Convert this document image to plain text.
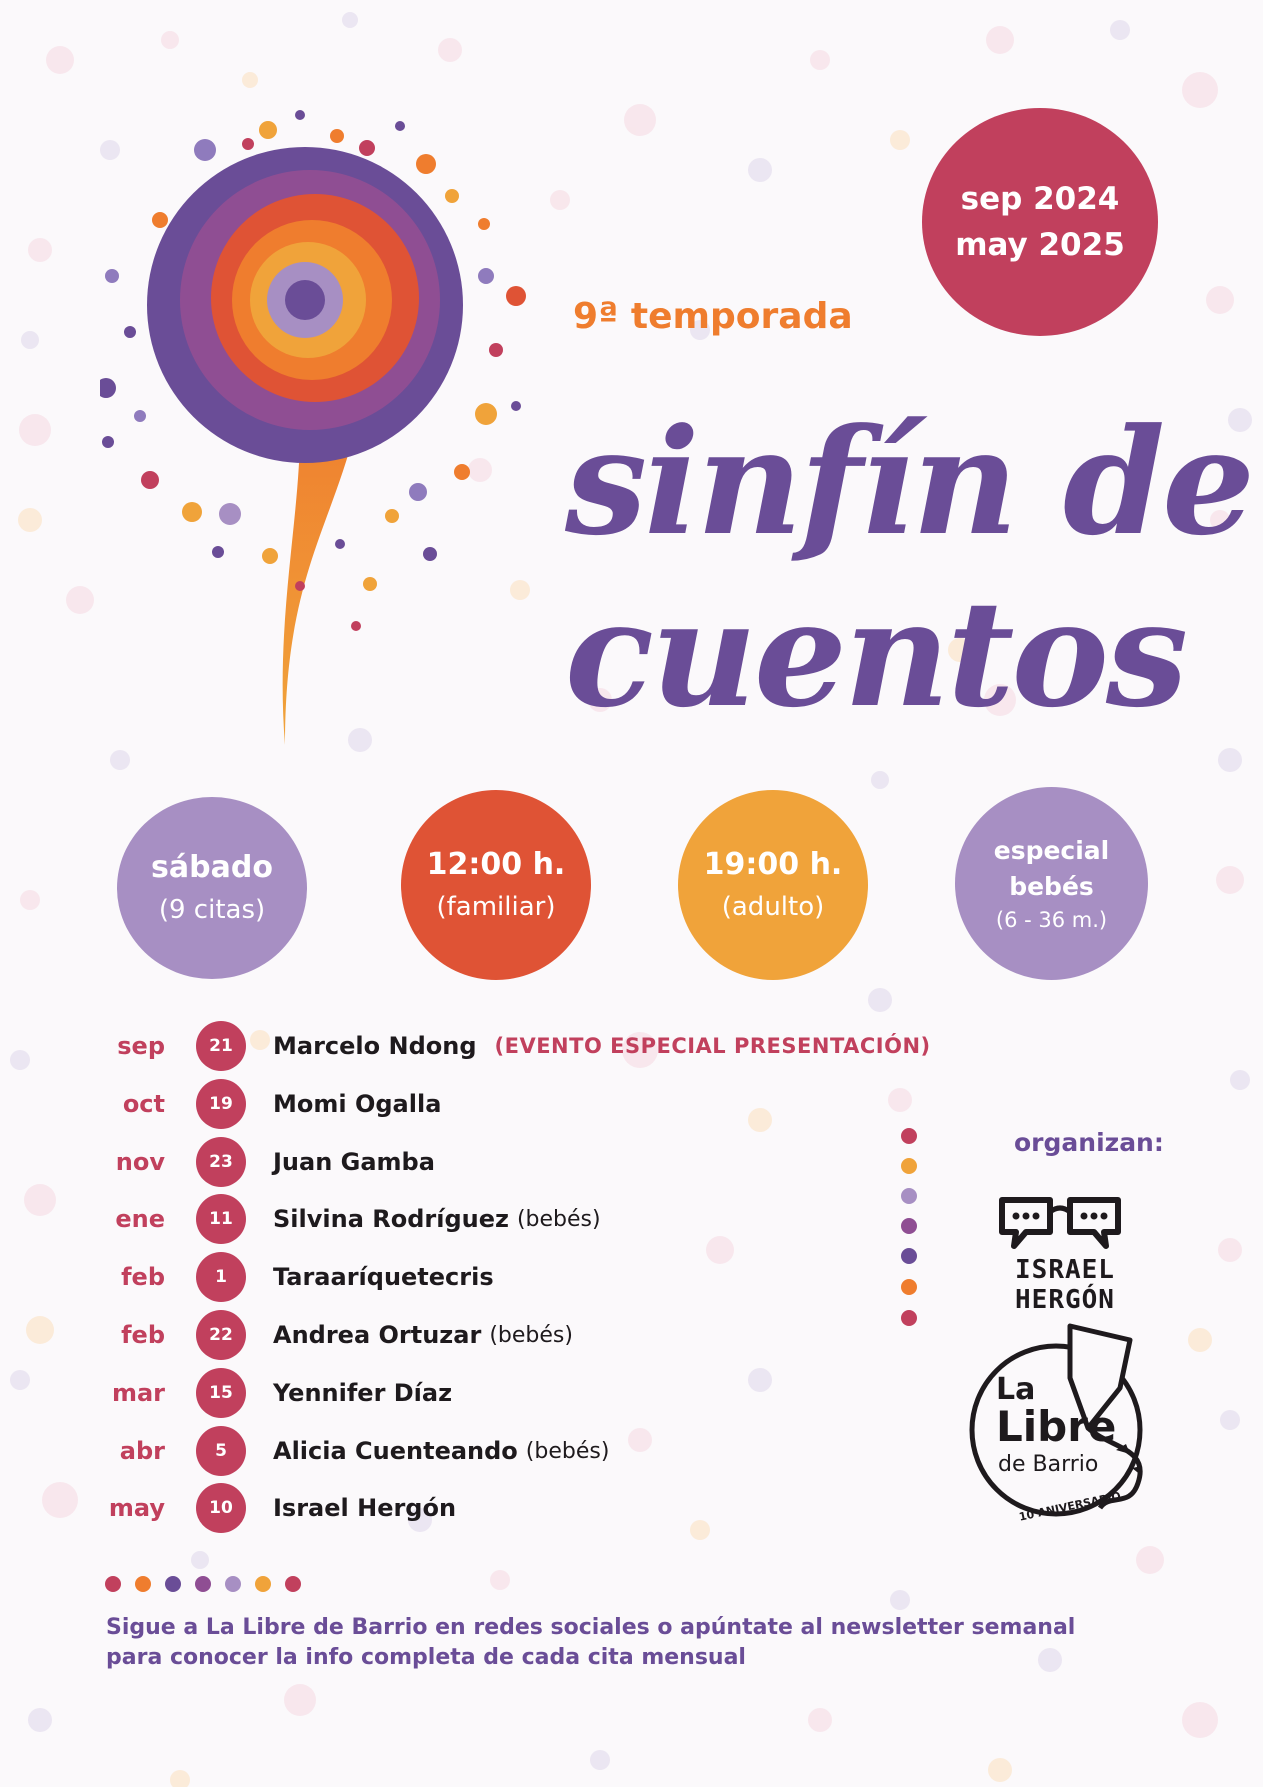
sep 2024
may 2025
9ª temporada
sinfín de
cuentos
sábado
(9 citas)
12:00 h.
(familiar)
19:00 h.
(adulto)
especial
bebés
(6 - 36 m.)
sep	21	Marcelo Ndong (EVENTO ESPECIAL PRESENTACIÓN)
oct	19	Momi Ogalla
nov	23	Juan Gamba
ene	11	Silvina Rodríguez (bebés)
feb	1	Taraaríquetecris
feb	22	Andrea Ortuzar (bebés)
mar	15	Yennifer Díaz
abr	5	Alicia Cuenteando (bebés)
may	10	Israel Hergón
organizan:
ISRAEL HERGÓN
La
Libre
de Barrio
10 ANIVERSARIO
Sigue a La Libre de Barrio en redes sociales o apúntate al newsletter semanal
para conocer la info completa de cada cita mensual
